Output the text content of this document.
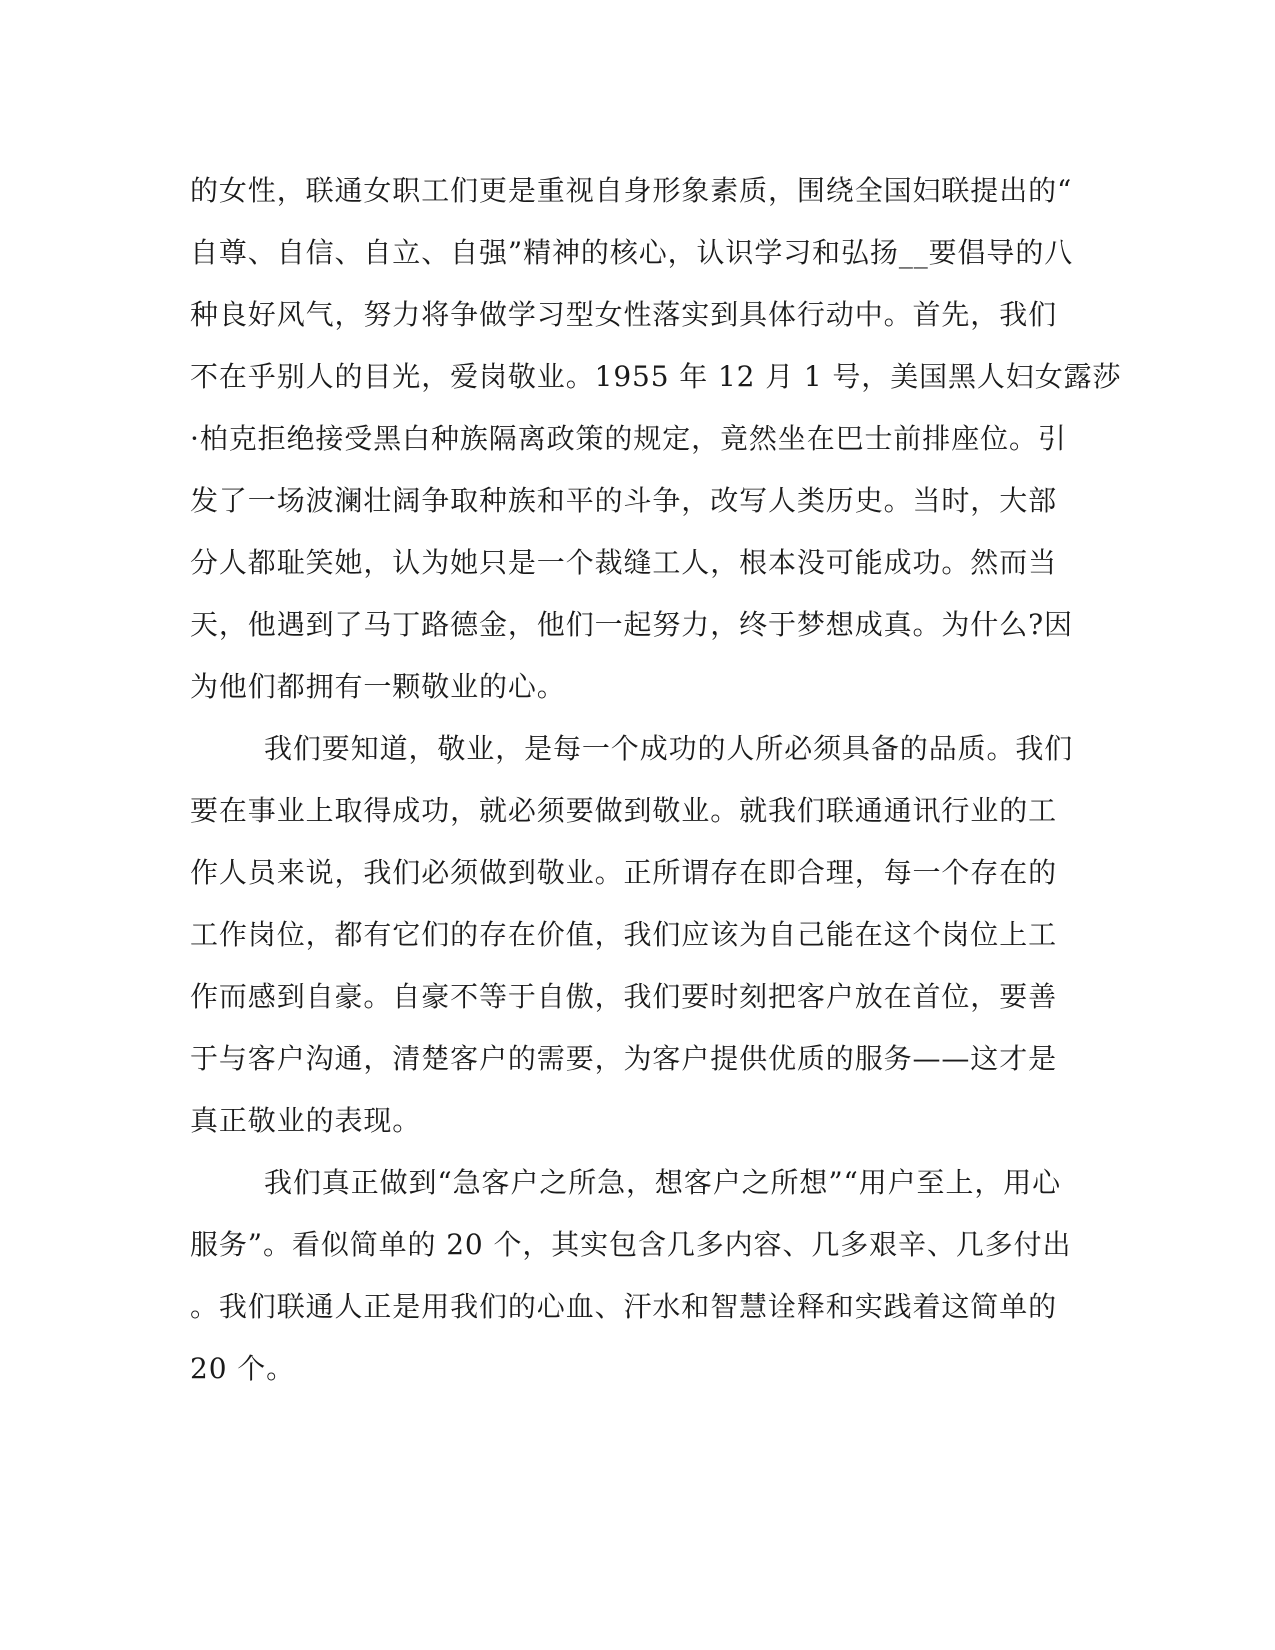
的女性，联通女职工们更是重视自身形象素质，围绕全国妇联提出的“
自尊、自信、自立、自强”精神的核心，认识学习和弘扬__要倡导的八
种良好风气，努力将争做学习型女性落实到具体行动中。首先，我们
不在乎别人的目光，爱岗敬业。1955 年 12 月 1 号，美国黑人妇女露莎
·柏克拒绝接受黑白种族隔离政策的规定，竟然坐在巴士前排座位。引
发了一场波澜壮阔争取种族和平的斗争，改写人类历史。当时，大部
分人都耻笑她，认为她只是一个裁缝工人，根本没可能成功。然而当
天，他遇到了马丁路德金，他们一起努力，终于梦想成真。为什么?因
为他们都拥有一颗敬业的心。
我们要知道，敬业，是每一个成功的人所必须具备的品质。我们
要在事业上取得成功，就必须要做到敬业。就我们联通通讯行业的工
作人员来说，我们必须做到敬业。正所谓存在即合理，每一个存在的
工作岗位，都有它们的存在价值，我们应该为自己能在这个岗位上工
作而感到自豪。自豪不等于自傲，我们要时刻把客户放在首位，要善
于与客户沟通，清楚客户的需要，为客户提供优质的服务——这才是
真正敬业的表现。
我们真正做到“急客户之所急，想客户之所想”“用户至上，用心
服务”。看似简单的 20 个，其实包含几多内容、几多艰辛、几多付出
。我们联通人正是用我们的心血、汗水和智慧诠释和实践着这简单的
20 个。
